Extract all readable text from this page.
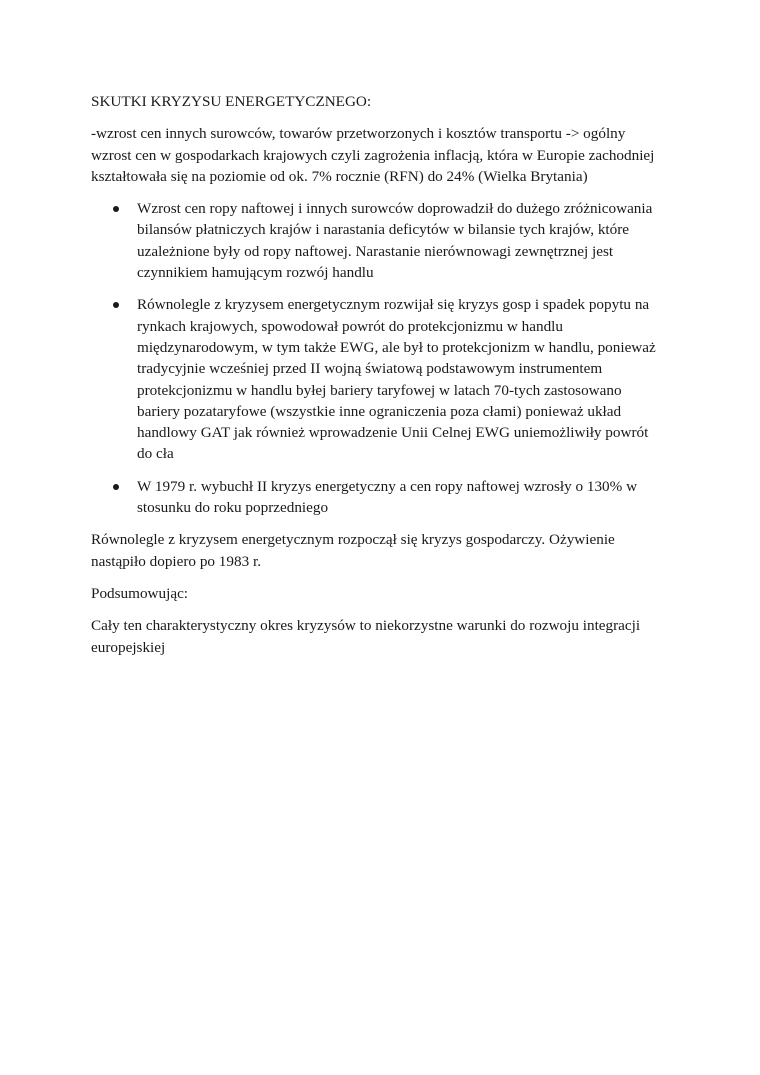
SKUTKI KRYZYSU ENERGETYCZNEGO:

-wzrost cen innych surowców, towarów przetworzonych i kosztów transportu -> ogólny wzrost cen w gospodarkach krajowych czyli zagrożenia inflacją, która w Europie zachodniej kształtowała się na poziomie od ok. 7% rocznie (RFN) do 24% (Wielka Brytania)

Wzrost cen ropy naftowej i innych surowców doprowadził do dużego zróżnicowania bilansów płatniczych krajów i narastania deficytów w bilansie tych krajów, które uzależnione były od ropy naftowej. Narastanie nierównowagi zewnętrznej jest czynnikiem hamującym rozwój handlu
Równolegle z kryzysem energetycznym rozwijał się kryzys gosp i spadek popytu na rynkach krajowych, spowodował powrót do protekcjonizmu w handlu międzynarodowym, w tym także EWG, ale był to protekcjonizm w handlu, ponieważ tradycyjnie wcześniej przed II wojną światową podstawowym instrumentem protekcjonizmu w handlu byłej bariery taryfowej w latach 70-tych zastosowano bariery pozataryfowe (wszystkie inne ograniczenia poza cłami) ponieważ układ handlowy GAT jak również wprowadzenie Unii Celnej EWG uniemożliwiły powrót do cła
W 1979 r. wybuchł II kryzys energetyczny a cen ropy naftowej wzrosły o 130% w stosunku do roku poprzedniego

Równolegle z kryzysem energetycznym rozpoczął się kryzys gospodarczy. Ożywienie nastąpiło dopiero po 1983 r.

Podsumowując:

Cały ten charakterystyczny okres kryzysów to niekorzystne warunki do rozwoju integracji europejskiej
